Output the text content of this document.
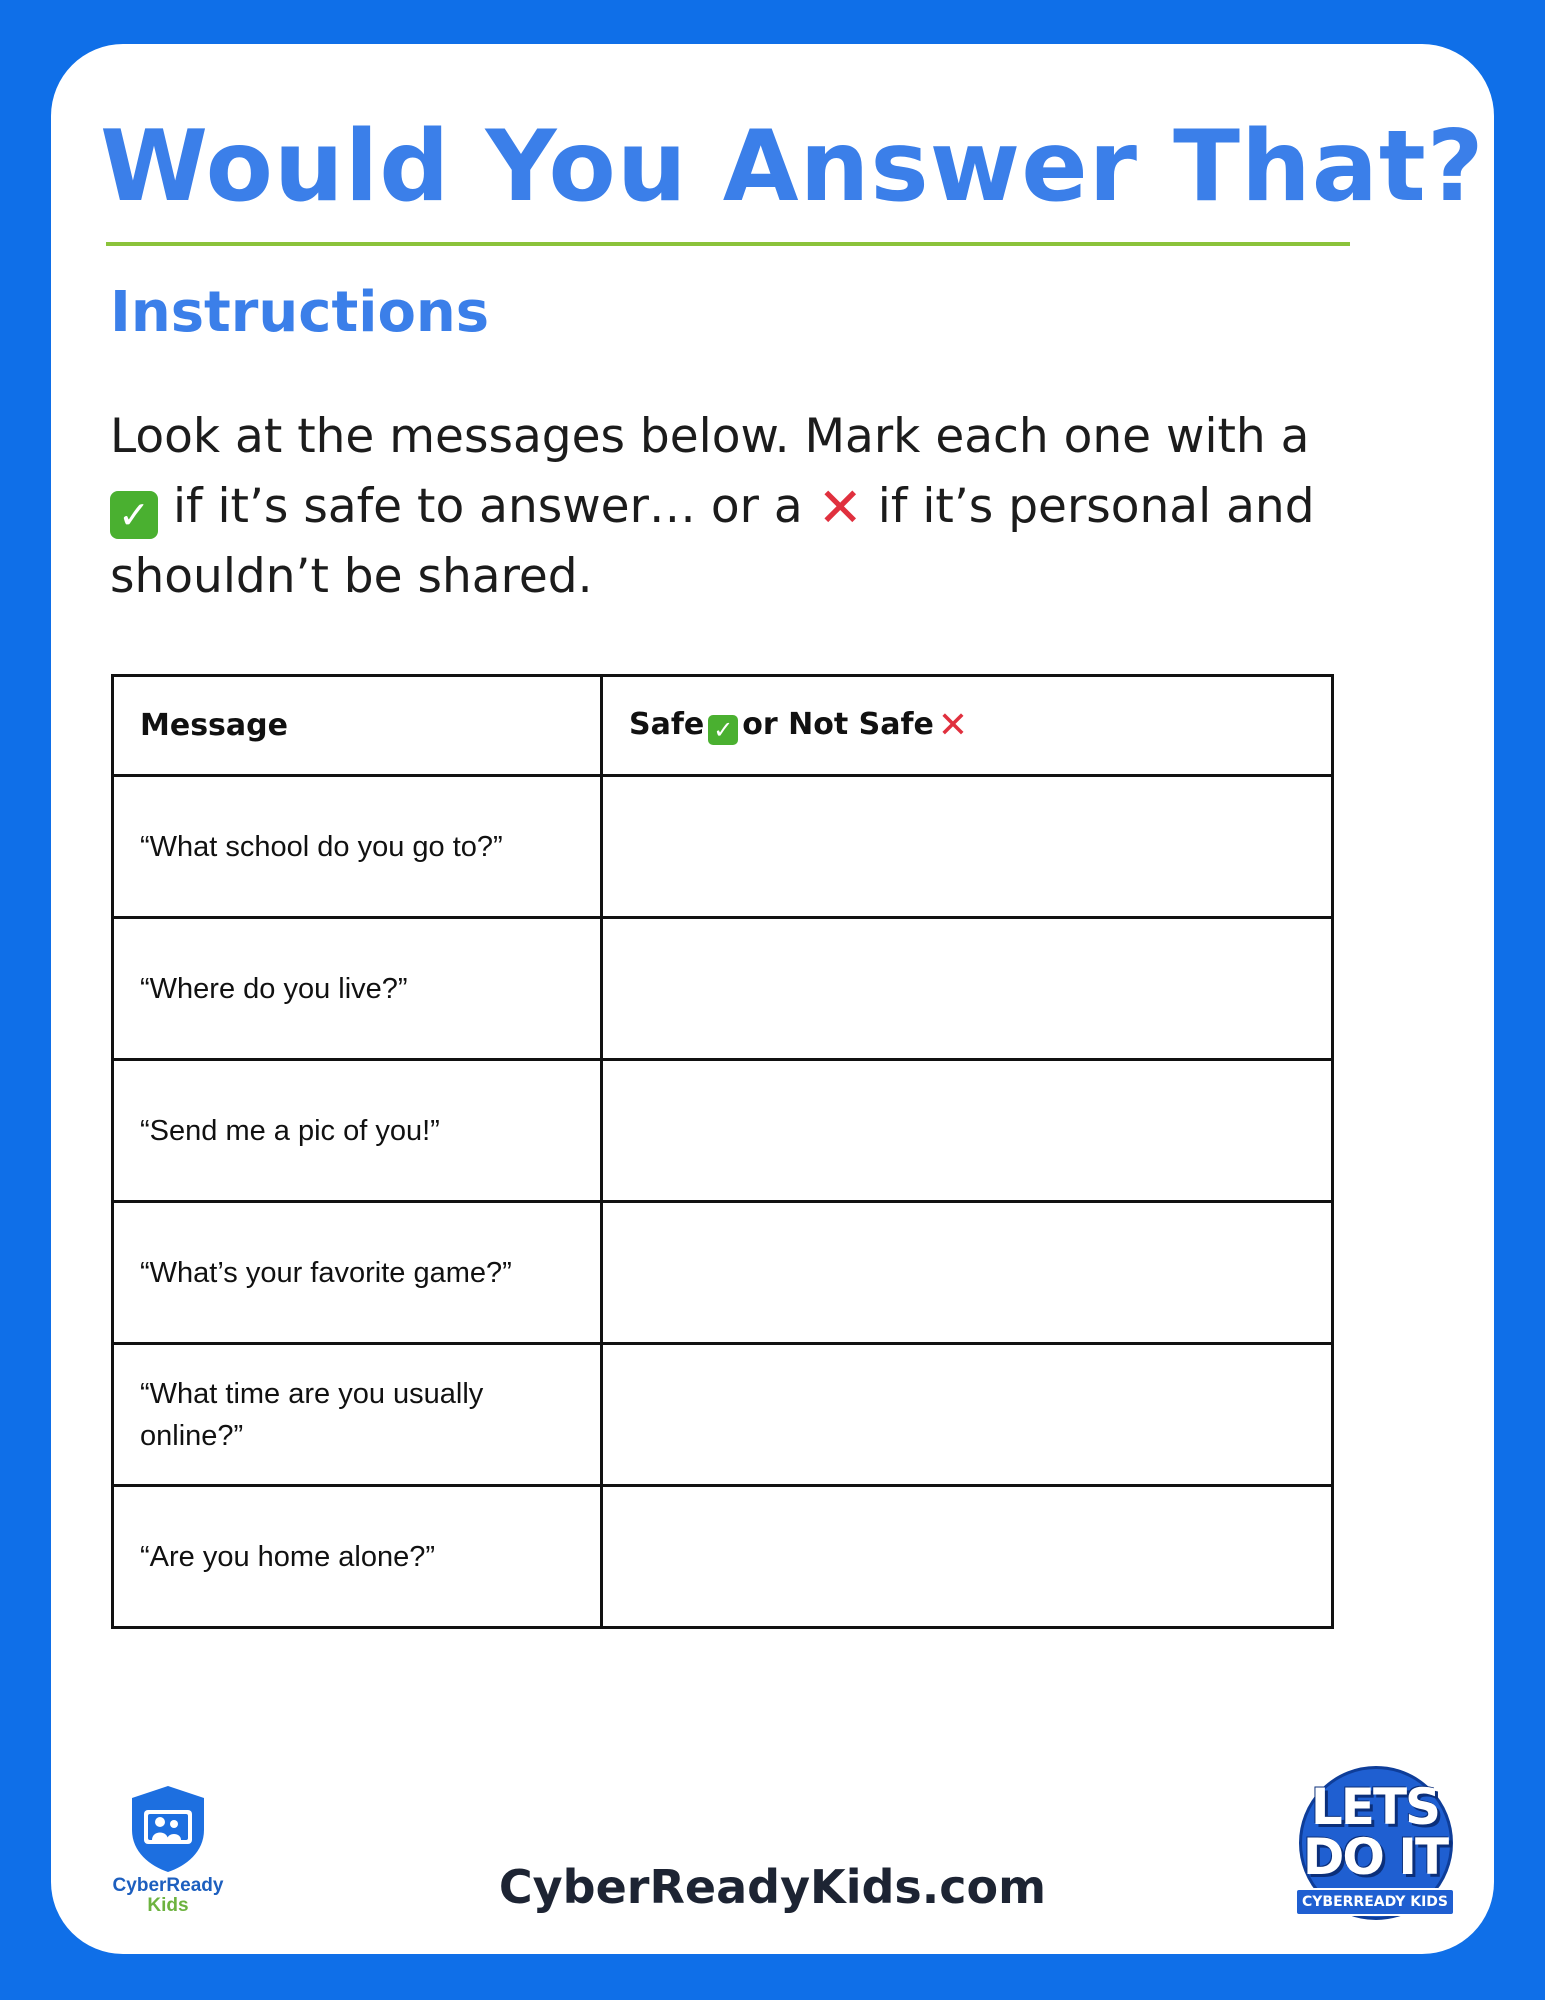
Would You Answer That?
Instructions

Look at the messages below. Mark each one with a ✓ if it’s safe to answer… or a ✕ if it’s personal and shouldn’t be shared.

Message	Safe ✓ or Not Safe ✕
“What school do you go to?”	
“Where do you live?”	
“Send me a pic of you!”	
“What’s your favorite game?”	
“What time are you usually online?”	
“Are you home alone?”	
CyberReady
Kids	CyberReadyKids.com

LETS
DO IT
CYBERREADY KIDS
